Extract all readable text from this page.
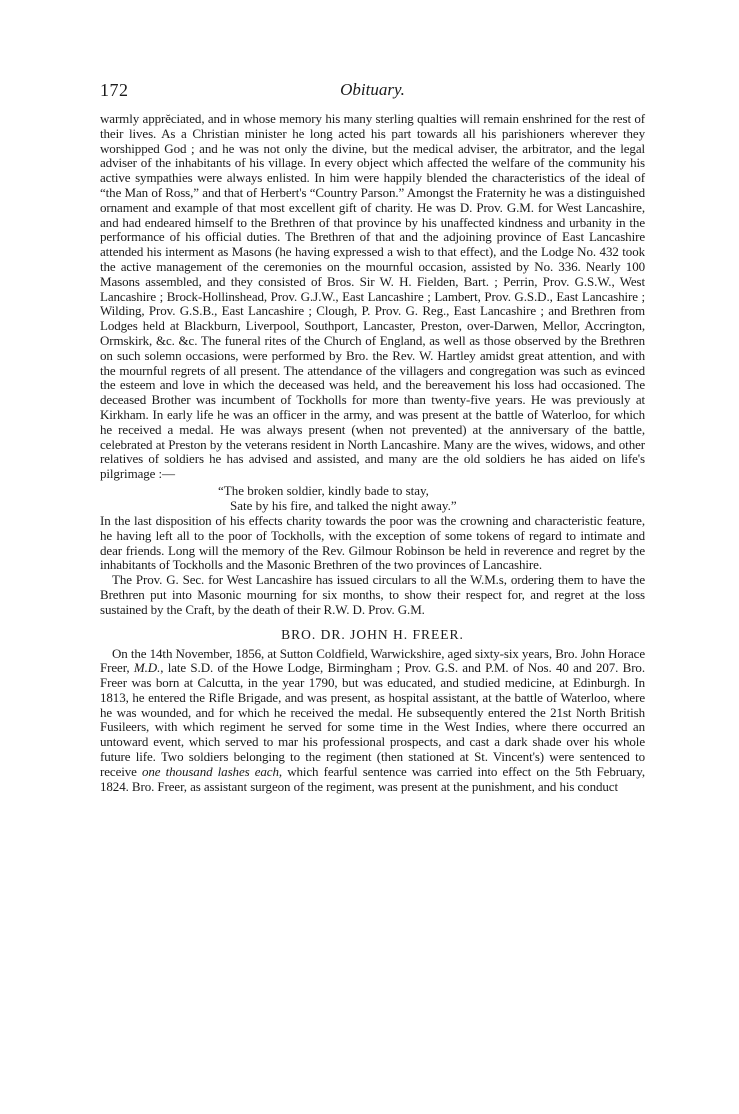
172	Obituary.

warmly apprĕciated, and in whose memory his many sterling qualties will remain enshrined for the rest of their lives. As a Christian minister he long acted his part towards all his parishioners wherever they worshipped God ; and he was not only the divine, but the medical adviser, the arbitrator, and the legal adviser of the inhabitants of his village. In every object which affected the welfare of the community his active sympathies were always enlisted. In him were happily blended the characteristics of the ideal of “the Man of Ross,” and that of Herbert's “Country Parson.” Amongst the Fraternity he was a distinguished ornament and example of that most excellent gift of charity. He was D. Prov. G.M. for West Lancashire, and had endeared himself to the Brethren of that province by his unaffected kindness and urbanity in the performance of his official duties. The Brethren of that and the adjoining province of East Lancashire attended his interment as Masons (he having expressed a wish to that effect), and the Lodge No. 432 took the active management of the ceremonies on the mournful occasion, assisted by No. 336. Nearly 100 Masons assembled, and they consisted of Bros. Sir W. H. Fielden, Bart. ; Perrin, Prov. G.S.W., West Lancashire ; Brock-Hollinshead, Prov. G.J.W., East Lancashire ; Lambert, Prov. G.S.D., East Lancashire ; Wilding, Prov. G.S.B., East Lancashire ; Clough, P. Prov. G. Reg., East Lancashire ; and Brethren from Lodges held at Blackburn, Liverpool, Southport, Lancaster, Preston, over-Darwen, Mellor, Accrington, Ormskirk, &c. &c. The funeral rites of the Church of England, as well as those observed by the Brethren on such solemn occasions, were performed by Bro. the Rev. W. Hartley amidst great attention, and with the mournful regrets of all present. The attendance of the villagers and congregation was such as evinced the esteem and love in which the deceased was held, and the bereavement his loss had occasioned. The deceased Brother was incumbent of Tockholls for more than twenty-five years. He was previously at Kirkham. In early life he was an officer in the army, and was present at the battle of Waterloo, for which he received a medal. He was always present (when not prevented) at the anniversary of the battle, celebrated at Preston by the veterans resident in North Lancashire. Many are the wives, widows, and other relatives of soldiers he has advised and assisted, and many are the old soldiers he has aided on life's pilgrimage :—

“The broken soldier, kindly bade to stay,
Sate by his fire, and talked the night away.”

In the last disposition of his effects charity towards the poor was the crowning and characteristic feature, he having left all to the poor of Tockholls, with the exception of some tokens of regard to intimate and dear friends. Long will the memory of the Rev. Gilmour Robinson be held in reverence and regret by the inhabitants of Tockholls and the Masonic Brethren of the two provinces of Lancashire.

The Prov. G. Sec. for West Lancashire has issued circulars to all the W.M.s, ordering them to have the Brethren put into Masonic mourning for six months, to show their respect for, and regret at the loss sustained by the Craft, by the death of their R.W. D. Prov. G.M.

BRO. DR. JOHN H. FREER.

On the 14th November, 1856, at Sutton Coldfield, Warwickshire, aged sixty-six years, Bro. John Horace Freer, M.D., late S.D. of the Howe Lodge, Birmingham ; Prov. G.S. and P.M. of Nos. 40 and 207. Bro. Freer was born at Calcutta, in the year 1790, but was educated, and studied medicine, at Edinburgh. In 1813, he entered the Rifle Brigade, and was present, as hospital assistant, at the battle of Waterloo, where he was wounded, and for which he received the medal. He subsequently entered the 21st North British Fusileers, with which regiment he served for some time in the West Indies, where there occurred an untoward event, which served to mar his professional prospects, and cast a dark shade over his whole future life. Two soldiers belonging to the regiment (then stationed at St. Vincent's) were sentenced to receive one thousand lashes each, which fearful sentence was carried into effect on the 5th February, 1824. Bro. Freer, as assistant surgeon of the regiment, was present at the punishment, and his conduct
